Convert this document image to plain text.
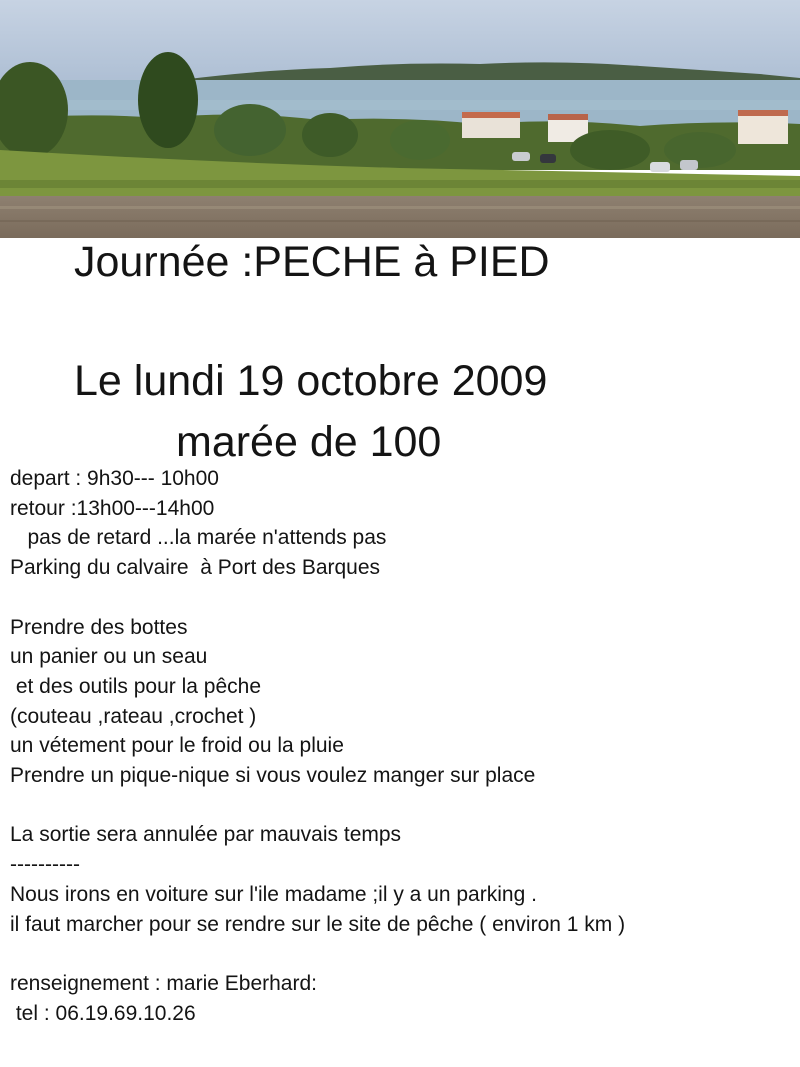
Journée :PECHE à PIED
Le lundi 19 octobre 2009
marée de 100
depart : 9h30--- 10h00
retour :13h00---14h00
pas de retard ...la marée n'attends pas
Parking du calvaire  à Port des Barques
Prendre des bottes
un panier ou un seau
et des outils pour la pêche
(couteau ,rateau ,crochet )
un vétement pour le froid ou la pluie
Prendre un pique-nique si vous voulez manger sur place
La sortie sera annulée par mauvais temps
----------
Nous irons en voiture sur l'ile madame ;il y a un parking .
il faut marcher pour se rendre sur le site de pêche ( environ 1 km )
renseignement : marie Eberhard:
tel : 06.19.69.10.26
